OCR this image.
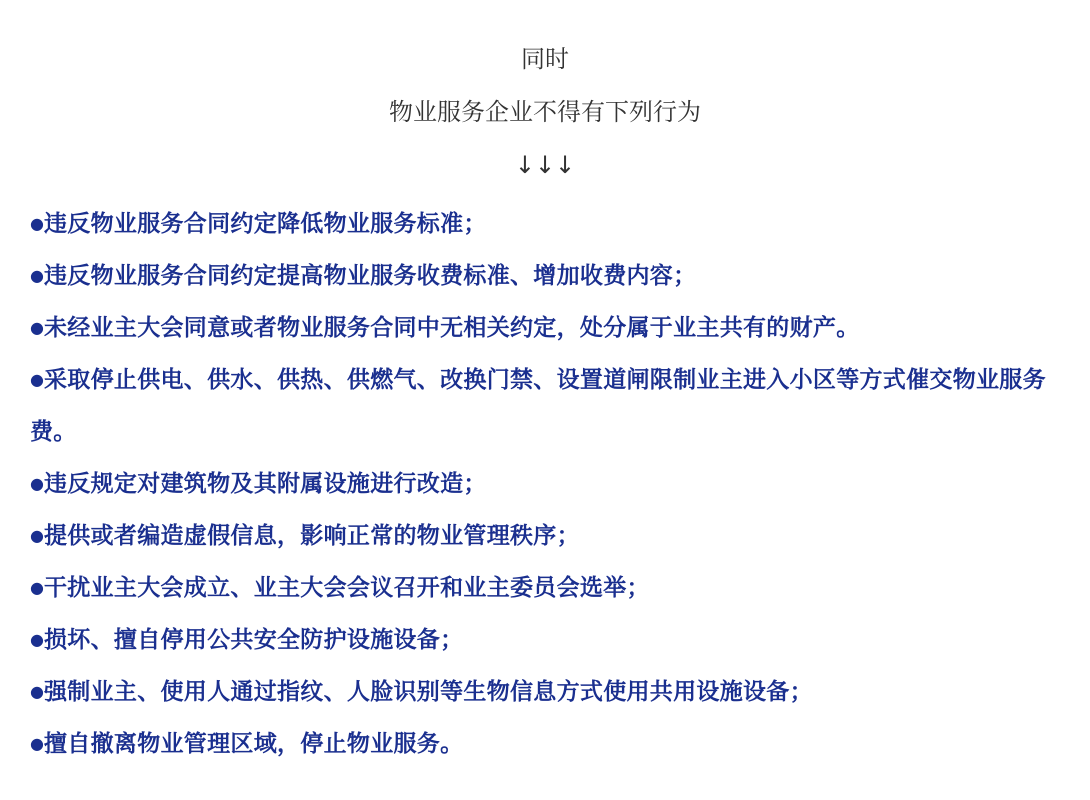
同时
物业服务企业不得有下列行为
↓↓↓
●违反物业服务合同约定降低物业服务标准；
●违反物业服务合同约定提高物业服务收费标准、增加收费内容；
●未经业主大会同意或者物业服务合同中无相关约定，处分属于业主共有的财产。
●采取停止供电、供水、供热、供燃气、改换门禁、设置道闸限制业主进入小区等方式催交物业服务费。
●违反规定对建筑物及其附属设施进行改造；
●提供或者编造虚假信息，影响正常的物业管理秩序；
●干扰业主大会成立、业主大会会议召开和业主委员会选举；
●损坏、擅自停用公共安全防护设施设备；
●强制业主、使用人通过指纹、人脸识别等生物信息方式使用共用设施设备；
●擅自撤离物业管理区域，停止物业服务。
